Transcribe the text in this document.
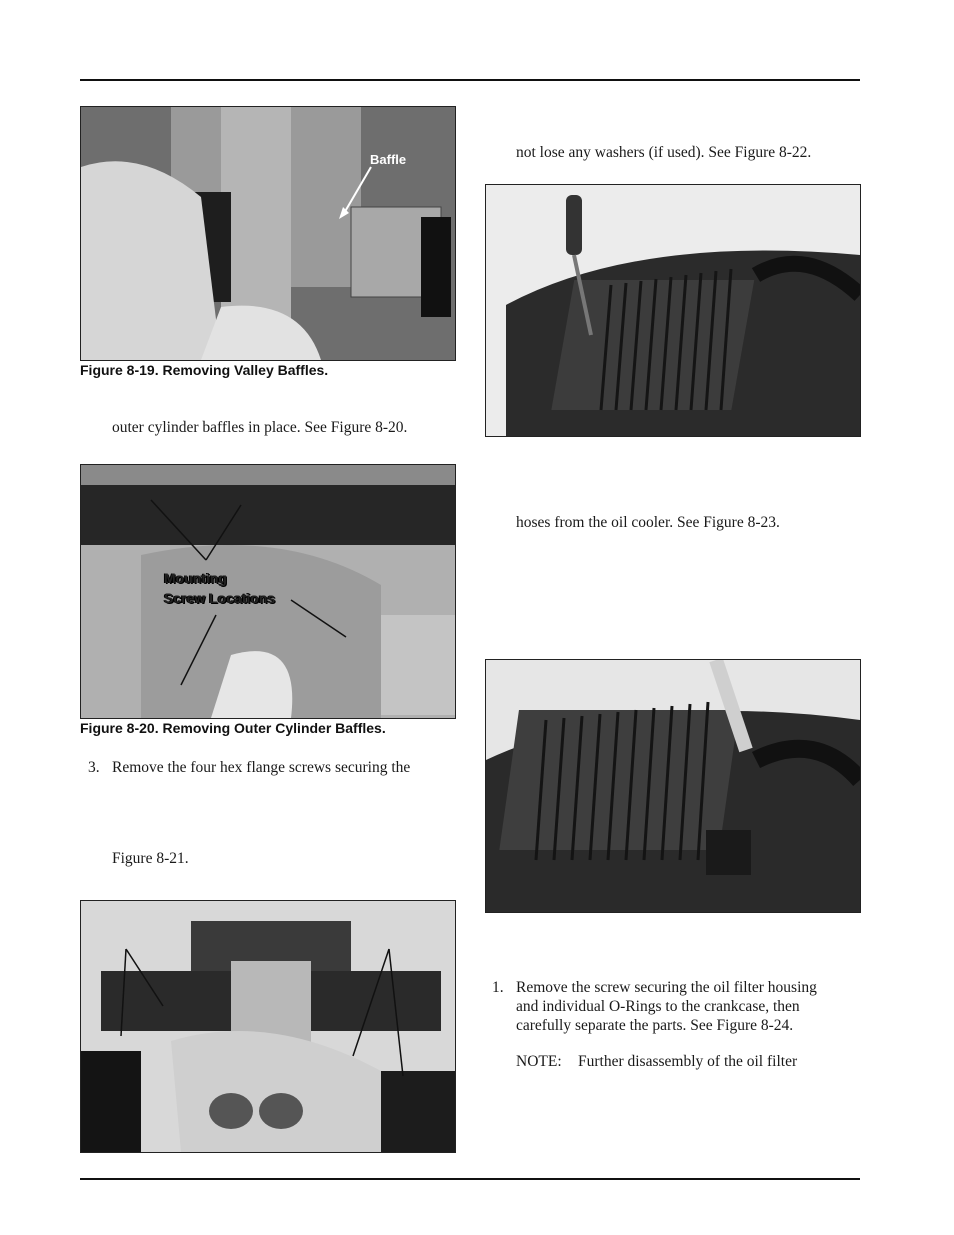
Baffle
Figure 8-19. Removing Valley Baffles.
outer cylinder baffles in place. See Figure 8-20.
Mounting
Screw Locations
Figure 8-20. Removing Outer Cylinder Baffles.
3. Remove the four hex flange screws securing the
Figure 8-21.
not lose any washers (if used). See Figure 8-22.
hoses from the oil cooler. See Figure 8-23.
1. Remove the screw securing the oil filter housing
and individual O-Rings to the crankcase, then
carefully separate the parts. See Figure 8-24.
NOTE: Further disassembly of the oil filter
